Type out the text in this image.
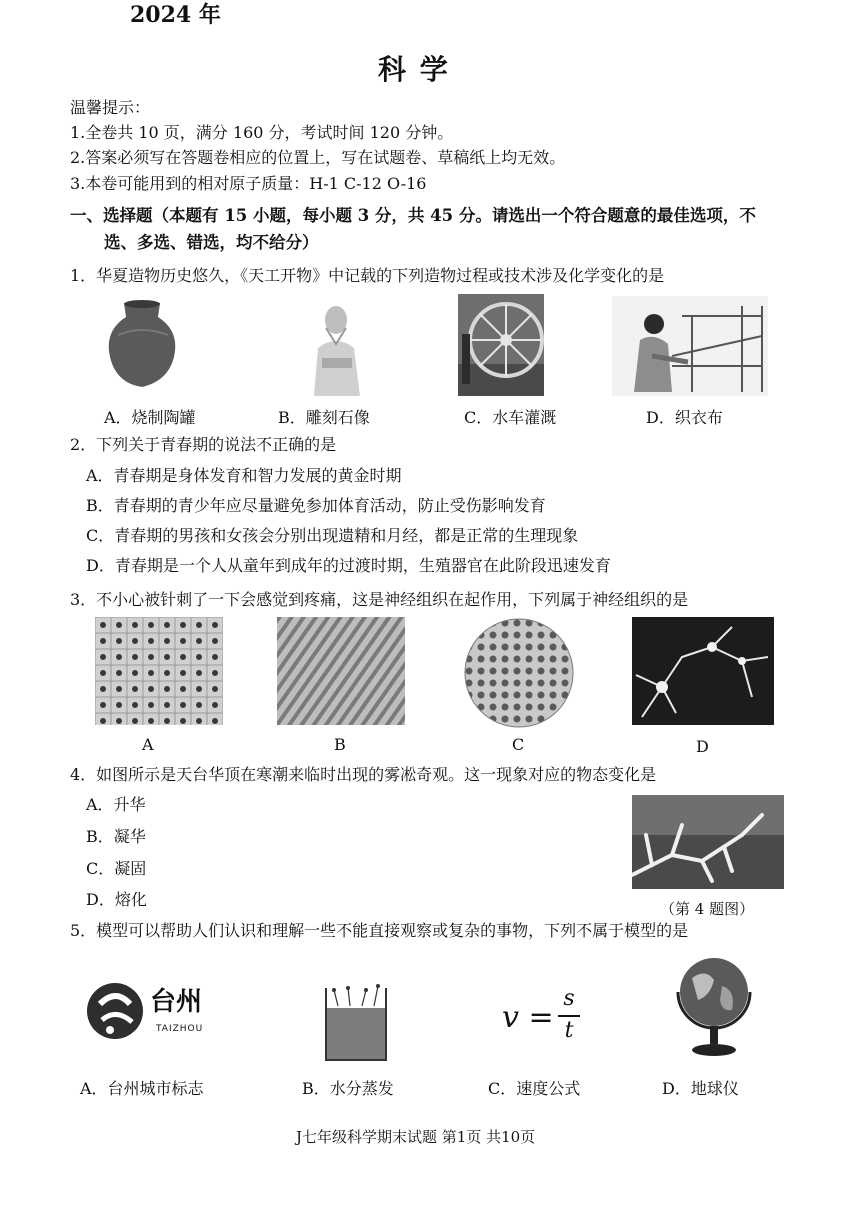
2024 年
科 学
温馨提示：
1.全卷共 10 页，满分 160 分，考试时间 120 分钟。
2.答案必须写在答题卷相应的位置上，写在试题卷、草稿纸上均无效。
3.本卷可能用到的相对原子质量：H-1 C-12 O-16
一、选择题（本题有 15 小题，每小题 3 分，共 45 分。请选出一个符合题意的最佳选项，不
选、多选、错选，均不给分）
1．华夏造物历史悠久，《天工开物》中记载的下列造物过程或技术涉及化学变化的是
A．烧制陶罐	B．雕刻石像	C．水车灌溉	D．织衣布
2．下列关于青春期的说法不正确的是
A．青春期是身体发育和智力发展的黄金时期
B．青春期的青少年应尽量避免参加体育活动，防止受伤影响发育
C．青春期的男孩和女孩会分别出现遗精和月经，都是正常的生理现象
D．青春期是一个人从童年到成年的过渡时期，生殖器官在此阶段迅速发育
3．不小心被针刺了一下会感觉到疼痛，这是神经组织在起作用，下列属于神经组织的是
A	B	C	D
4．如图所示是天台华顶在寒潮来临时出现的雾凇奇观。这一现象对应的物态变化是
A．升华
B．凝华
C．凝固
D．熔化	（第 4 题图）
5．模型可以帮助人们认识和理解一些不能直接观察或复杂的事物，下列不属于模型的是
台州
TAIZHOU	v =
s
t
A．台州城市标志	B．水分蒸发	C．速度公式	D．地球仪
J七年级科学期末试题 第1页 共10页
